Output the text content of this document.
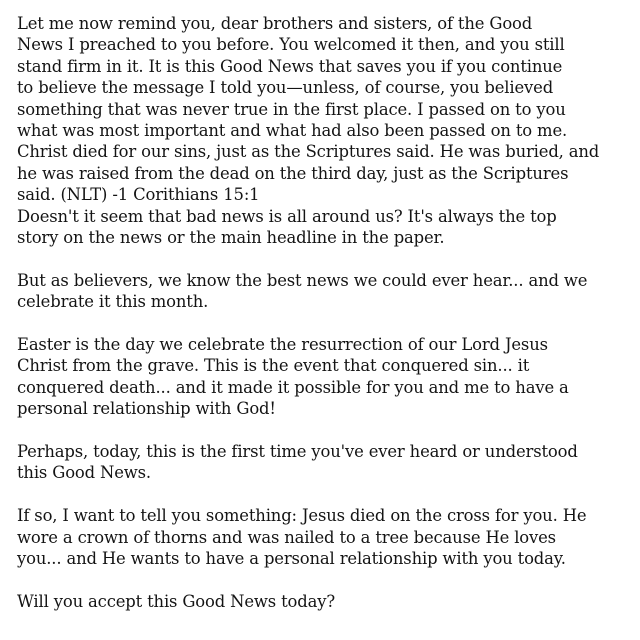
Let me now remind you, dear brothers and sisters, of the Good
News I preached to you before. You welcomed it then, and you still
stand firm in it. It is this Good News that saves you if you continue
to believe the message I told you—unless, of course, you believed
something that was never true in the first place. I passed on to you
what was most important and what had also been passed on to me.
Christ died for our sins, just as the Scriptures said. He was buried, and
he was raised from the dead on the third day, just as the Scriptures
said. (NLT) -1 Corithians 15:1

Doesn't it seem that bad news is all around us? It's always the top
story on the news or the main headline in the paper.

But as believers, we know the best news we could ever hear... and we
celebrate it this month.

Easter is the day we celebrate the resurrection of our Lord Jesus
Christ from the grave. This is the event that conquered sin... it
conquered death... and it made it possible for you and me to have a
personal relationship with God!

Perhaps, today, this is the first time you've ever heard or understood
this Good News.

If so, I want to tell you something: Jesus died on the cross for you. He
wore a crown of thorns and was nailed to a tree because He loves
you... and He wants to have a personal relationship with you today.

Will you accept this Good News today?
